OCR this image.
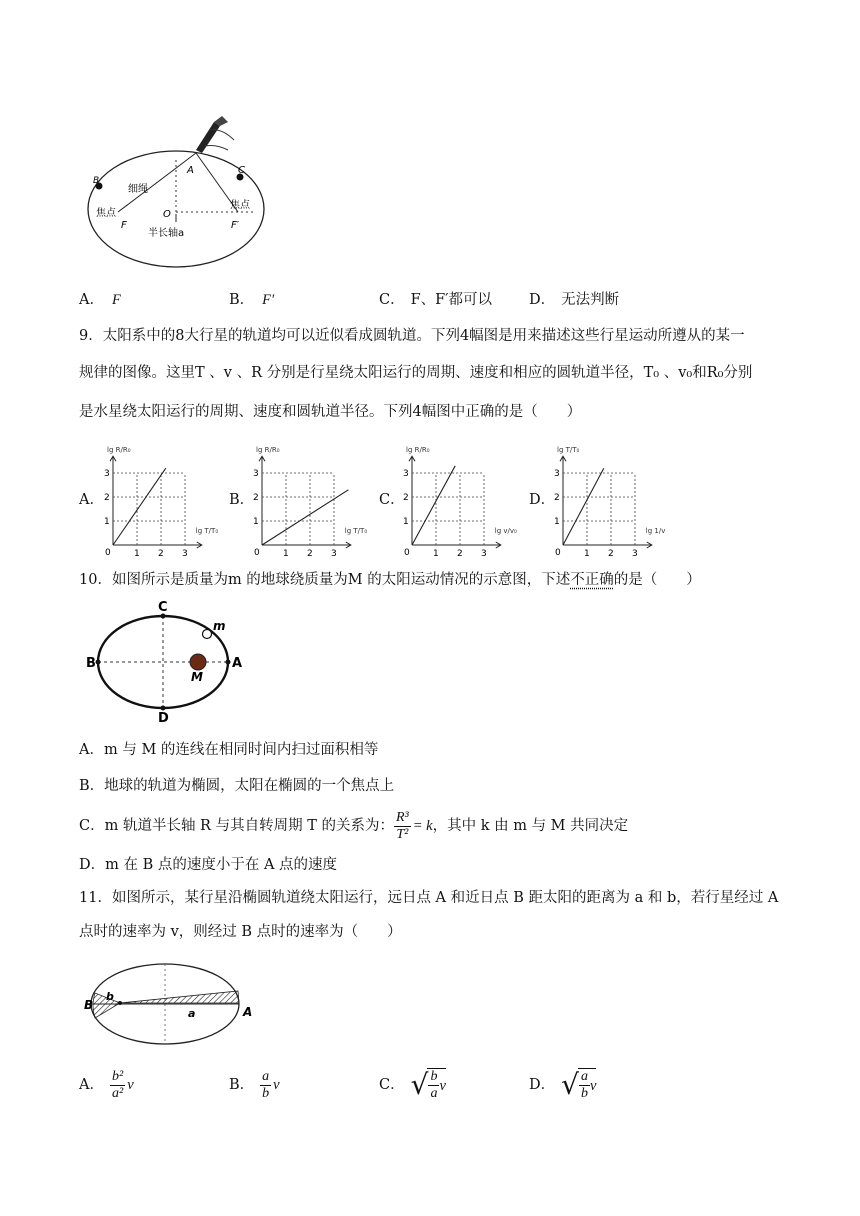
A
B
C
O
F	F′
细绳
焦点
焦点
半长轴a
A． F	B． F′	C． F、F′都可以	D． 无法判断
9．太阳系中的8大行星的轨道均可以近似看成圆轨道。下列4幅图是用来描述这些行星运动所遵从的某一
规律的图像。这里T 、v 、R 分别是行星绕太阳运行的周期、速度和相应的圆轨道半径，T₀ 、v₀和R₀分别
是水星绕太阳运行的周期、速度和圆轨道半径。下列4幅图中正确的是（　　）
A．	B．	C．	D．
1
1
2
2
3
3
0
lg R/R₀
lg T/T₀
1
1
2
2
3
3
0
lg R/R₀
lg T/T₀
1
1
2
2
3
3
0
lg R/R₀
lg v/v₀
1
1
2
2
3
3
0
lg T/T₀
lg 1/v
10．如图所示是质量为m 的地球绕质量为M 的太阳运动情况的示意图，下述不正确的是（　　）
C
D
B	A
m
M
A．m 与 M 的连线在相同时间内扫过面积相等
B．地球的轨道为椭圆，太阳在椭圆的一个焦点上
C．m 轨道半长轴 R 与其自转周期 T 的关系为： $\frac{\text{R³}}{\text{T²}} = k$ ，其中 k 由 m 与 M 共同决定
D．m 在 B 点的速度小于在 A 点的速度
11．如图所示，某行星沿椭圆轨道绕太阳运行，远日点 A 和近日点 B 距太阳的距离为 a 和 b，若行星经过 A
点时的速率为 v，则经过 B 点时的速率为（　　）
B	A
b
a
A． $\frac{\text{b²}}{\text{a²}}$ v	B． $\frac{a}{b}$ v	C． √ $\frac{b}{a}$ v	D． √ $\frac{a}{b}$ v
